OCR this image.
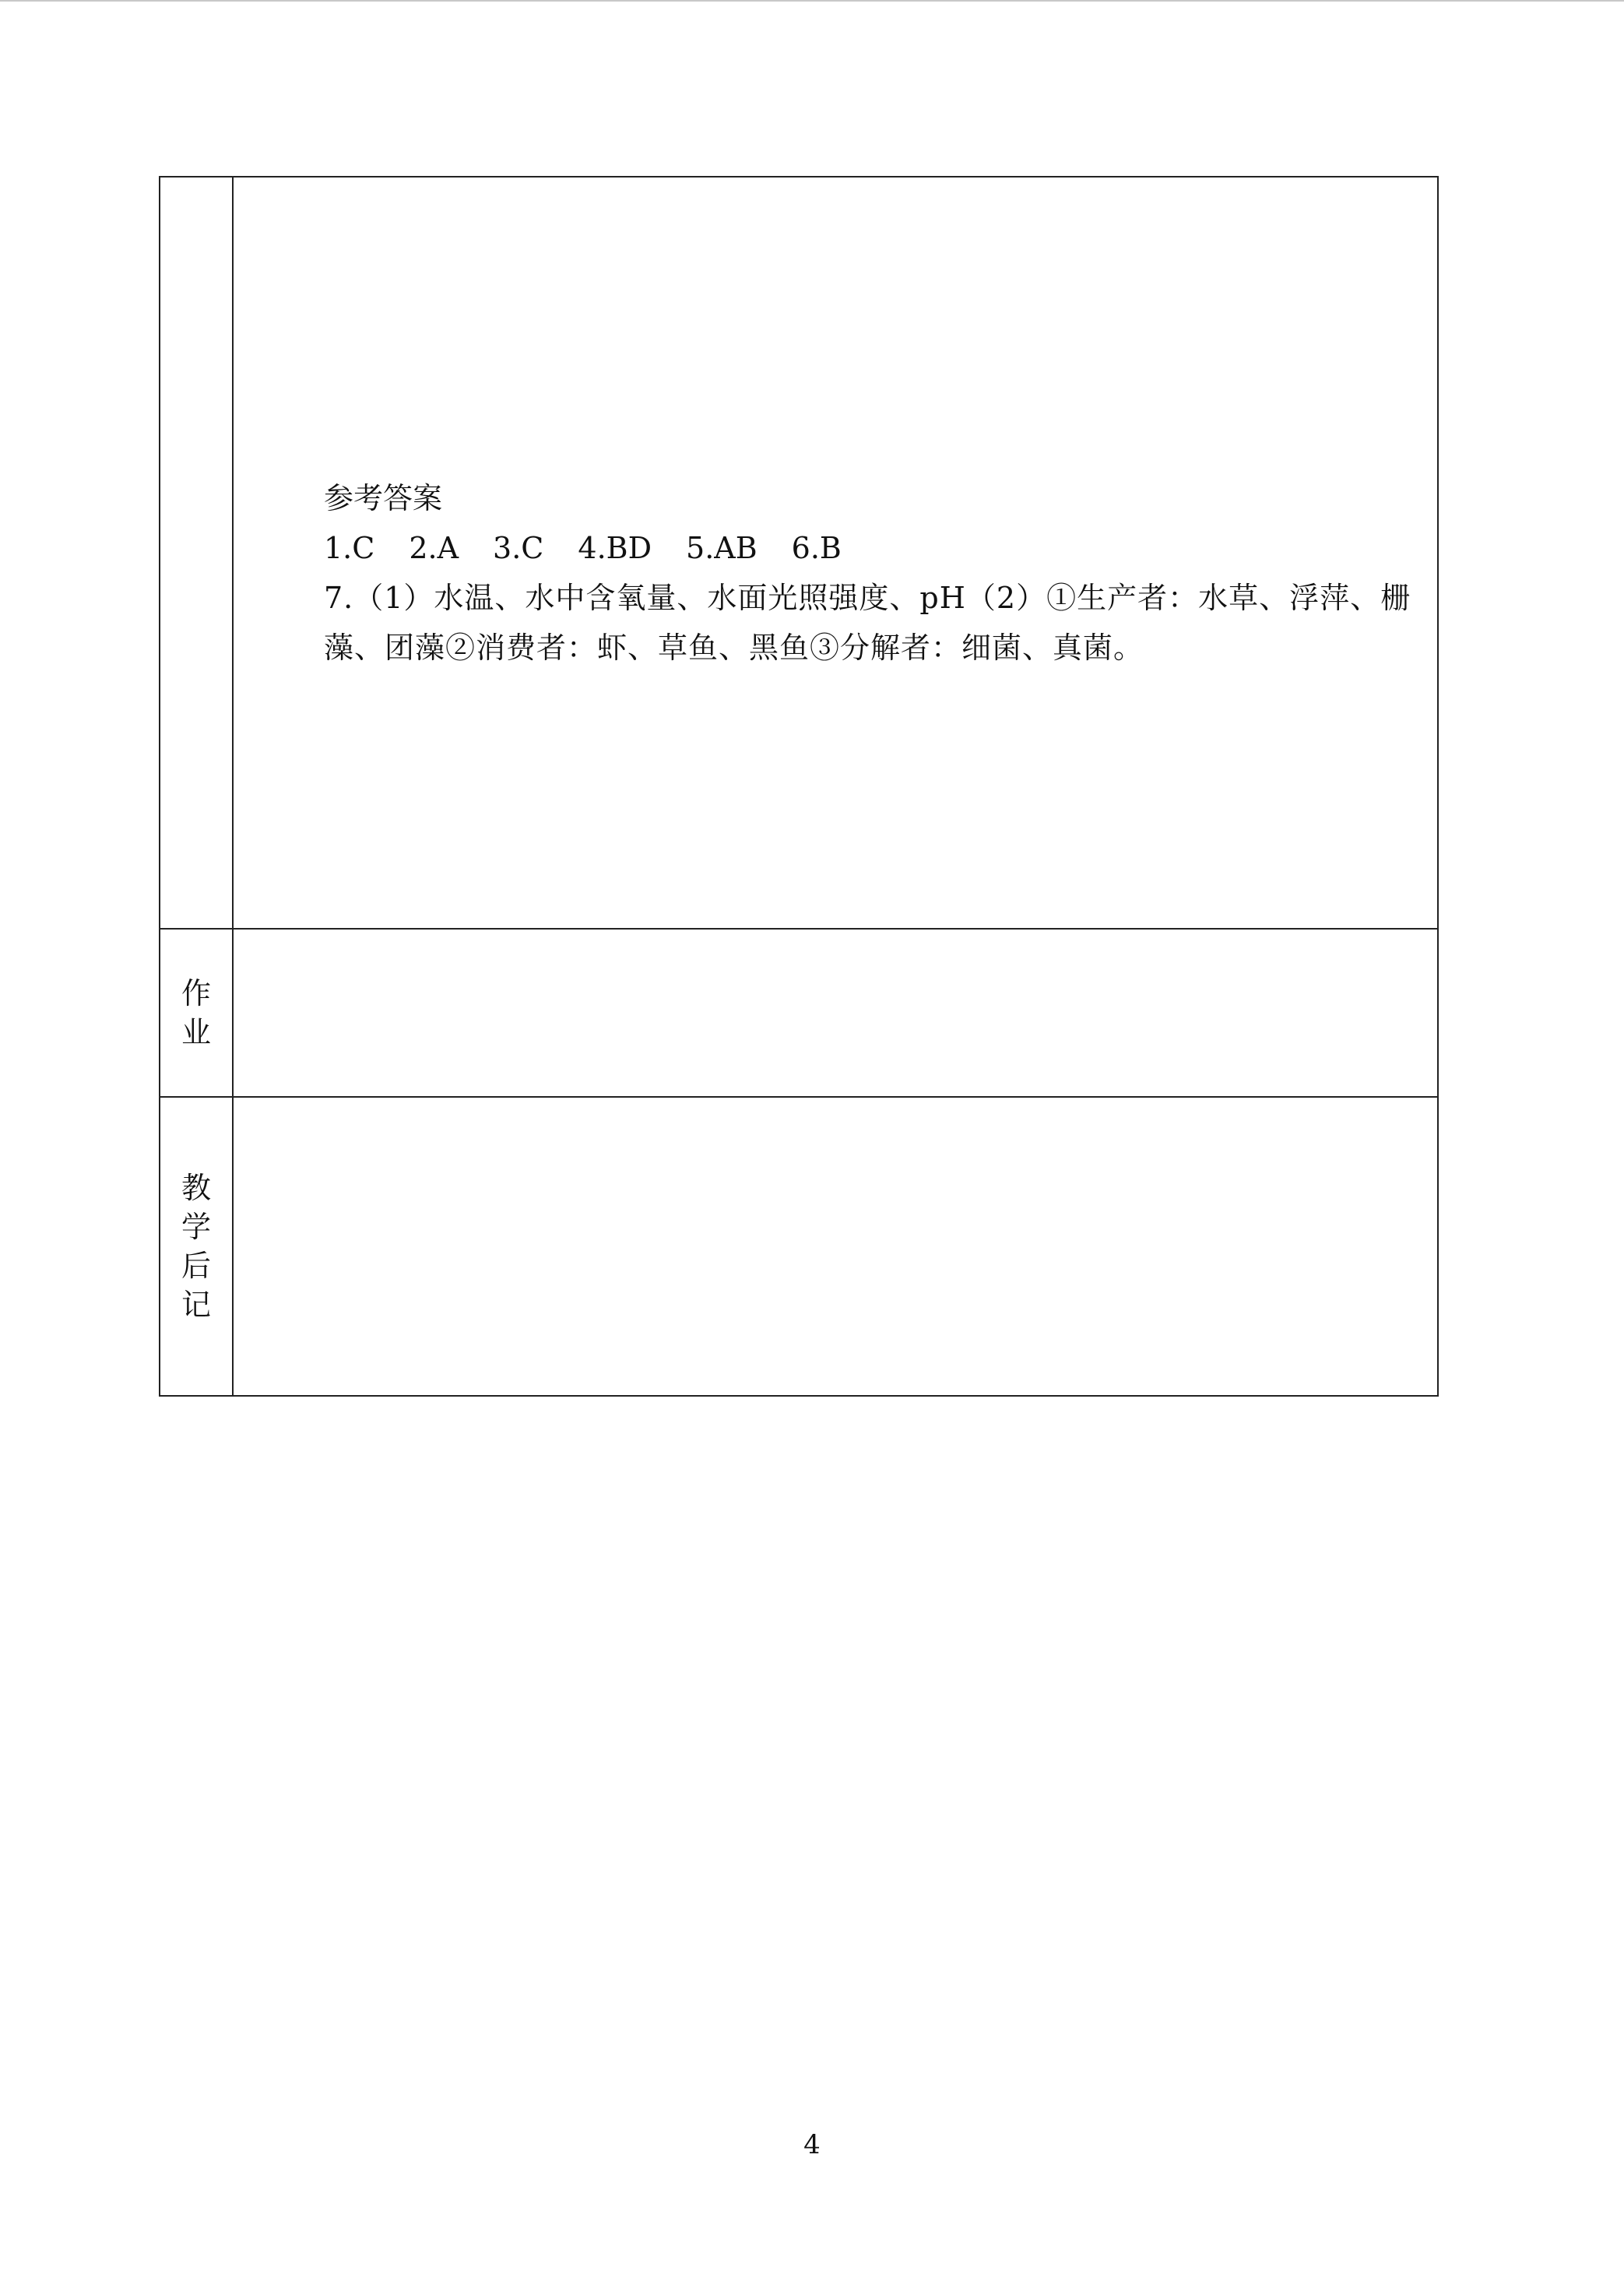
	参考答案

1.C 2.A 3.C 4.BD 5.AB 6.B

7.（1）水温、水中含氧量、水面光照强度、pH（2）①生产者：水草、浮萍、栅

藻、团藻②消费者：虾、草鱼、黑鱼③分解者：细菌、真菌。

作
业	

教
学
后
记	

4
